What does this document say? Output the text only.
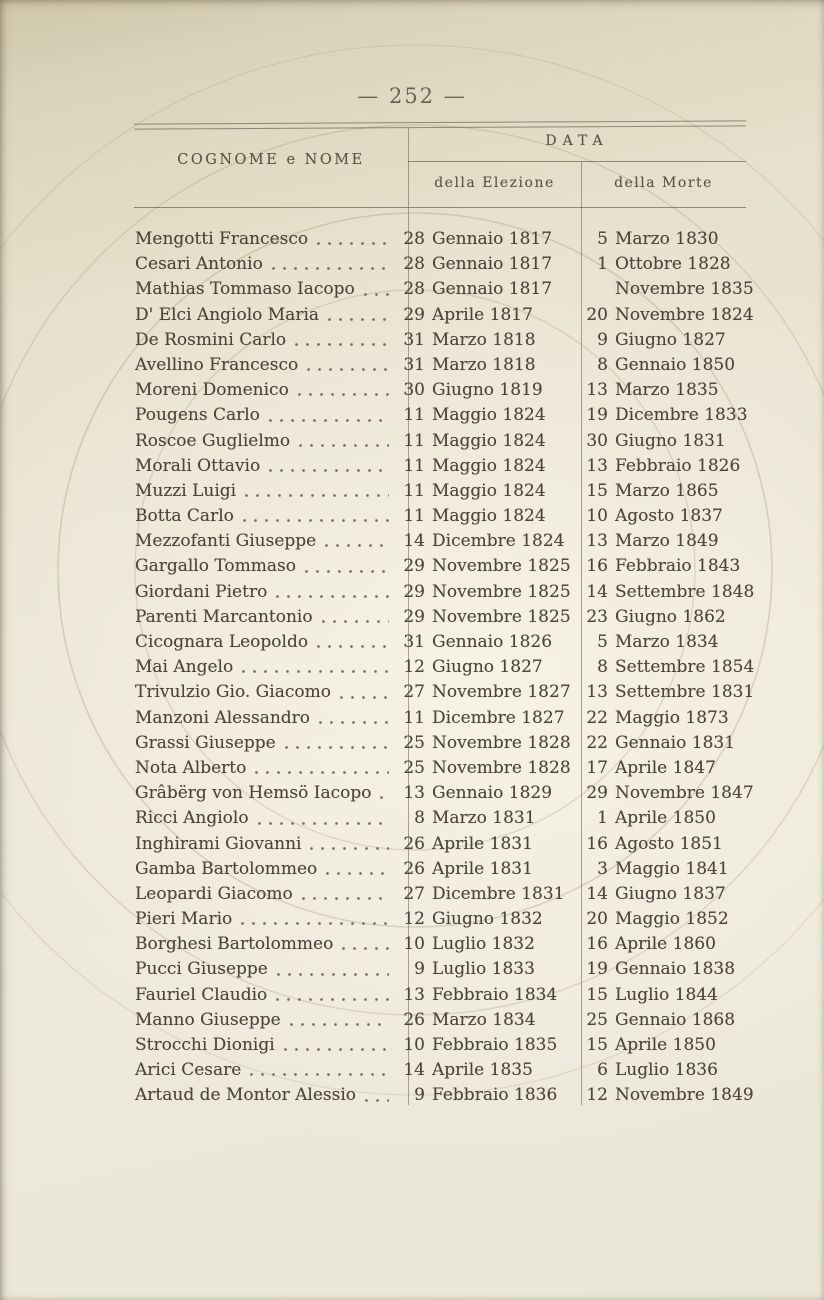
— 252 —
COGNOME e NOME
DATA
della Elezione	della Morte
Mengotti Francesco	28 Gennaio 1817	5 Marzo 1830
Cesari Antonio	28 Gennaio 1817	1 Ottobre 1828
Mathias Tommaso Iacopo	28 Gennaio 1817	Novembre 1835
D' Elci Angiolo Maria	29 Aprile 1817	20 Novembre 1824
De Rosmini Carlo	31 Marzo 1818	9 Giugno 1827
Avellino Francesco	31 Marzo 1818	8 Gennaio 1850
Moreni Domenico	30 Giugno 1819	13 Marzo 1835
Pougens Carlo	11 Maggio 1824 19 Dicembre 1833
Roscoe Guglielmo	11 Maggio 1824 30 Giugno 1831
Morali Ottavio	11 Maggio 1824 13 Febbraio 1826
Muzzi Luigi	11 Maggio 1824 15 Marzo 1865
Botta Carlo	11 Maggio 1824 10 Agosto 1837
Mezzofanti Giuseppe	14 Dicembre 1824 13 Marzo 1849
Gargallo Tommaso	29 Novembre 1825 16 Febbraio 1843
Giordani Pietro	29 Novembre 1825 14 Settembre 1848
Parenti Marcantonio	29 Novembre 1825 23 Giugno 1862
Cicognara Leopoldo	31 Gennaio 1826	5 Marzo 1834
Mai Angelo	12 Giugno 1827	8 Settembre 1854
Trivulzio Gio. Giacomo	27 Novembre 1827 13 Settembre 1831
Manzoni Alessandro	11 Dicembre 1827 22 Maggio 1873
Grassi Giuseppe	25 Novembre 1828 22 Gennaio 1831
Nota Alberto	25 Novembre 1828 17 Aprile 1847
Grâbërg von Hemsö Iacopo 13 Gennaio 1829 29 Novembre 1847
Ricci Angiolo	8 Marzo 1831	1 Aprile 1850
Inghirami Giovanni	26 Aprile 1831	16 Agosto 1851
Gamba Bartolommeo	26 Aprile 1831	3 Maggio 1841
Leopardi Giacomo	27 Dicembre 1831 14 Giugno 1837
Pieri Mario	12 Giugno 1832	20 Maggio 1852
Borghesi Bartolommeo	10 Luglio 1832	16 Aprile 1860
Pucci Giuseppe	9 Luglio 1833	19 Gennaio 1838
Fauriel Claudio	13 Febbraio 1834 15 Luglio 1844
Manno Giuseppe	26 Marzo 1834	25 Gennaio 1868
Strocchi Dionigi	10 Febbraio 1835 15 Aprile 1850
Arici Cesare	14 Aprile 1835	6 Luglio 1836
Artaud de Montor Alessio	9 Febbraio 1836 12 Novembre 1849
